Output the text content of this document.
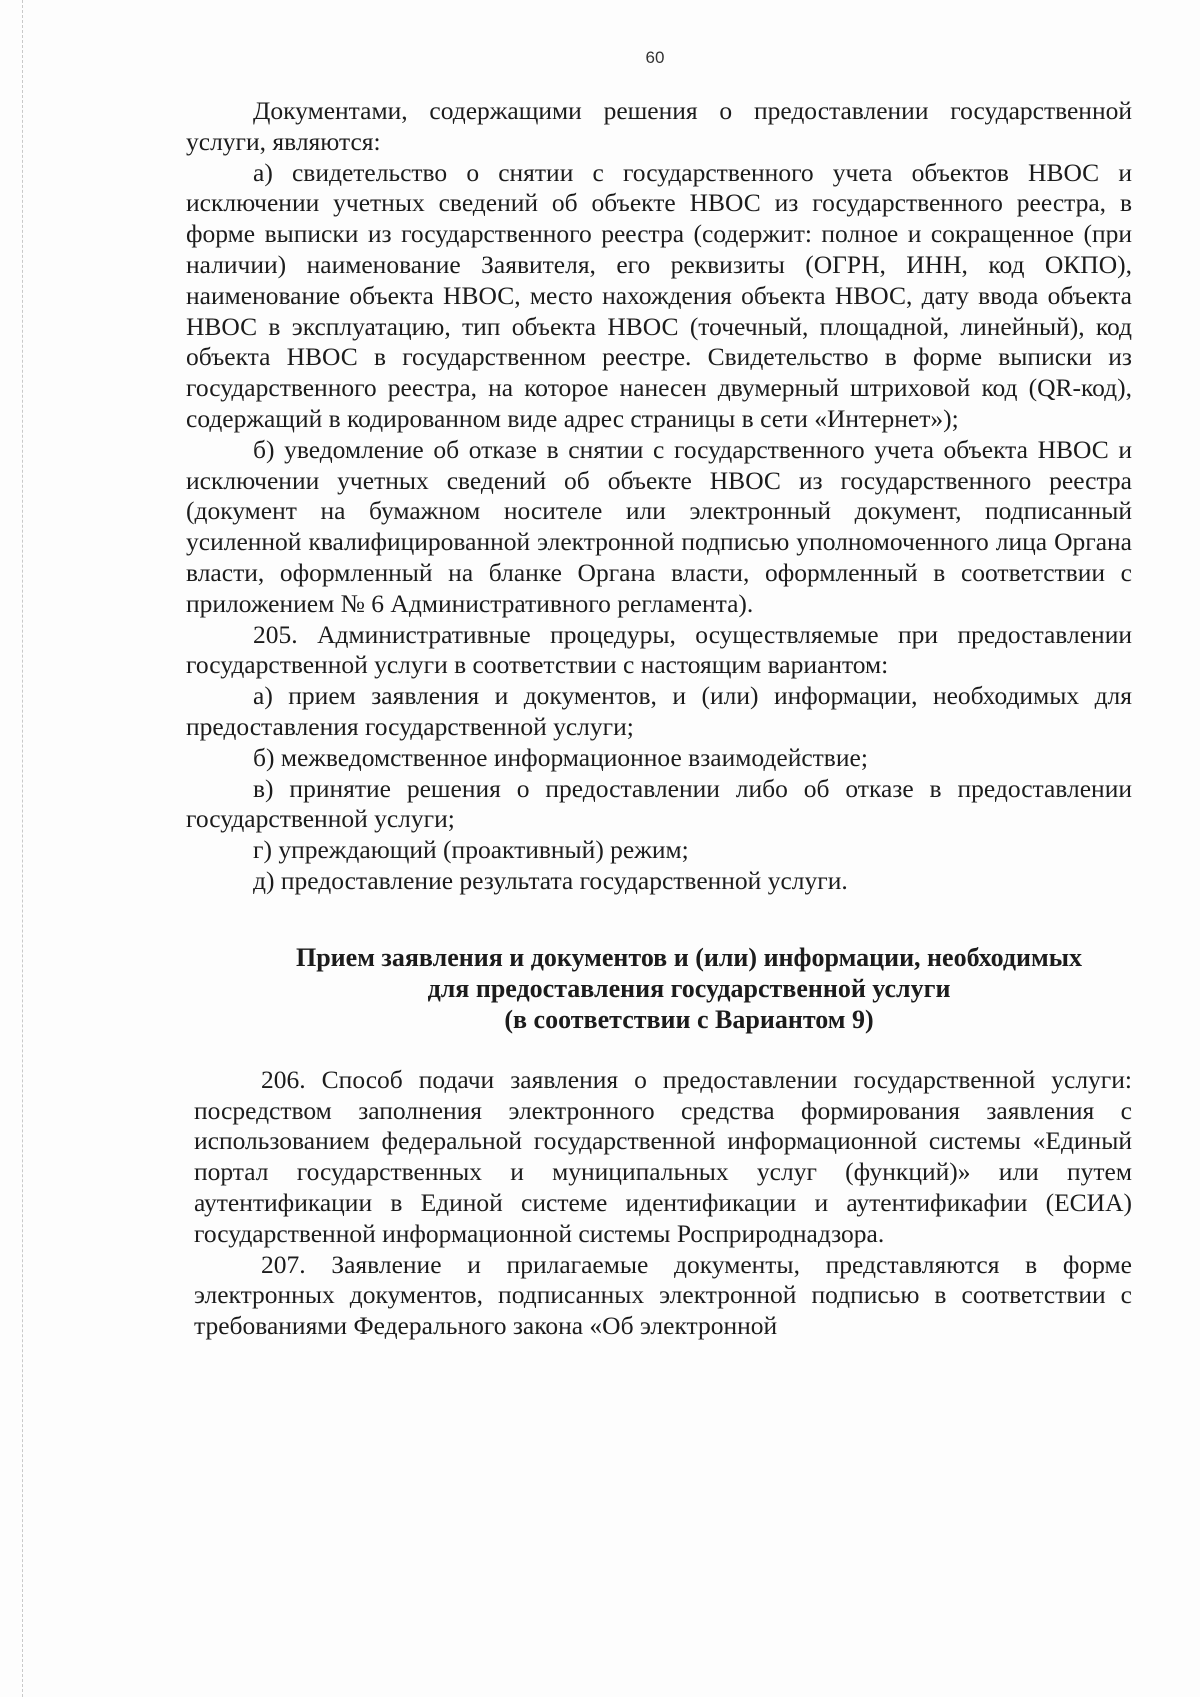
60

Документами, содержащими решения о предоставлении государственной услуги, являются:

а) свидетельство о снятии с государственного учета объектов НВОС и исключении учетных сведений об объекте НВОС из государственного реестра, в форме выписки из государственного реестра (содержит: полное и сокращенное (при наличии) наименование Заявителя, его реквизиты (ОГРН, ИНН, код ОКПО), наименование объекта НВОС, место нахождения объекта НВОС, дату ввода объекта НВОС в эксплуатацию, тип объекта НВОС (точечный, площадной, линейный), код объекта НВОС в государственном реестре. Свидетельство в форме выписки из государственного реестра, на которое нанесен двумерный штриховой код (QR-код), содержащий в кодированном виде адрес страницы в сети «Интернет»);

б) уведомление об отказе в снятии с государственного учета объекта НВОС и исключении учетных сведений об объекте НВОС из государственного реестра (документ на бумажном носителе или электронный документ, подписанный усиленной квалифицированной электронной подписью уполномоченного лица Органа власти, оформленный на бланке Органа власти, оформленный в соответствии с приложением № 6 Административного регламента).

205. Административные процедуры, осуществляемые при предоставлении государственной услуги в соответствии с настоящим вариантом:

а) прием заявления и документов, и (или) информации, необходимых для предоставления государственной услуги;

б) межведомственное информационное взаимодействие;

в) принятие решения о предоставлении либо об отказе в предоставлении государственной услуги;

г) упреждающий (проактивный) режим;

д) предоставление результата государственной услуги.

Прием заявления и документов и (или) информации, необходимых
для предоставления государственной услуги
(в соответствии с Вариантом 9)

206. Способ подачи заявления о предоставлении государственной услуги: посредством заполнения электронного средства формирования заявления с использованием федеральной государственной информационной системы «Единый портал государственных и муниципальных услуг (функций)» или путем аутентификации в Единой системе идентификации и аутентификафии (ЕСИА) государственной информационной системы Росприроднадзора.

207. Заявление и прилагаемые документы, представляются в форме электронных документов, подписанных электронной подписью в соответствии с требованиями Федерального закона «Об электронной
